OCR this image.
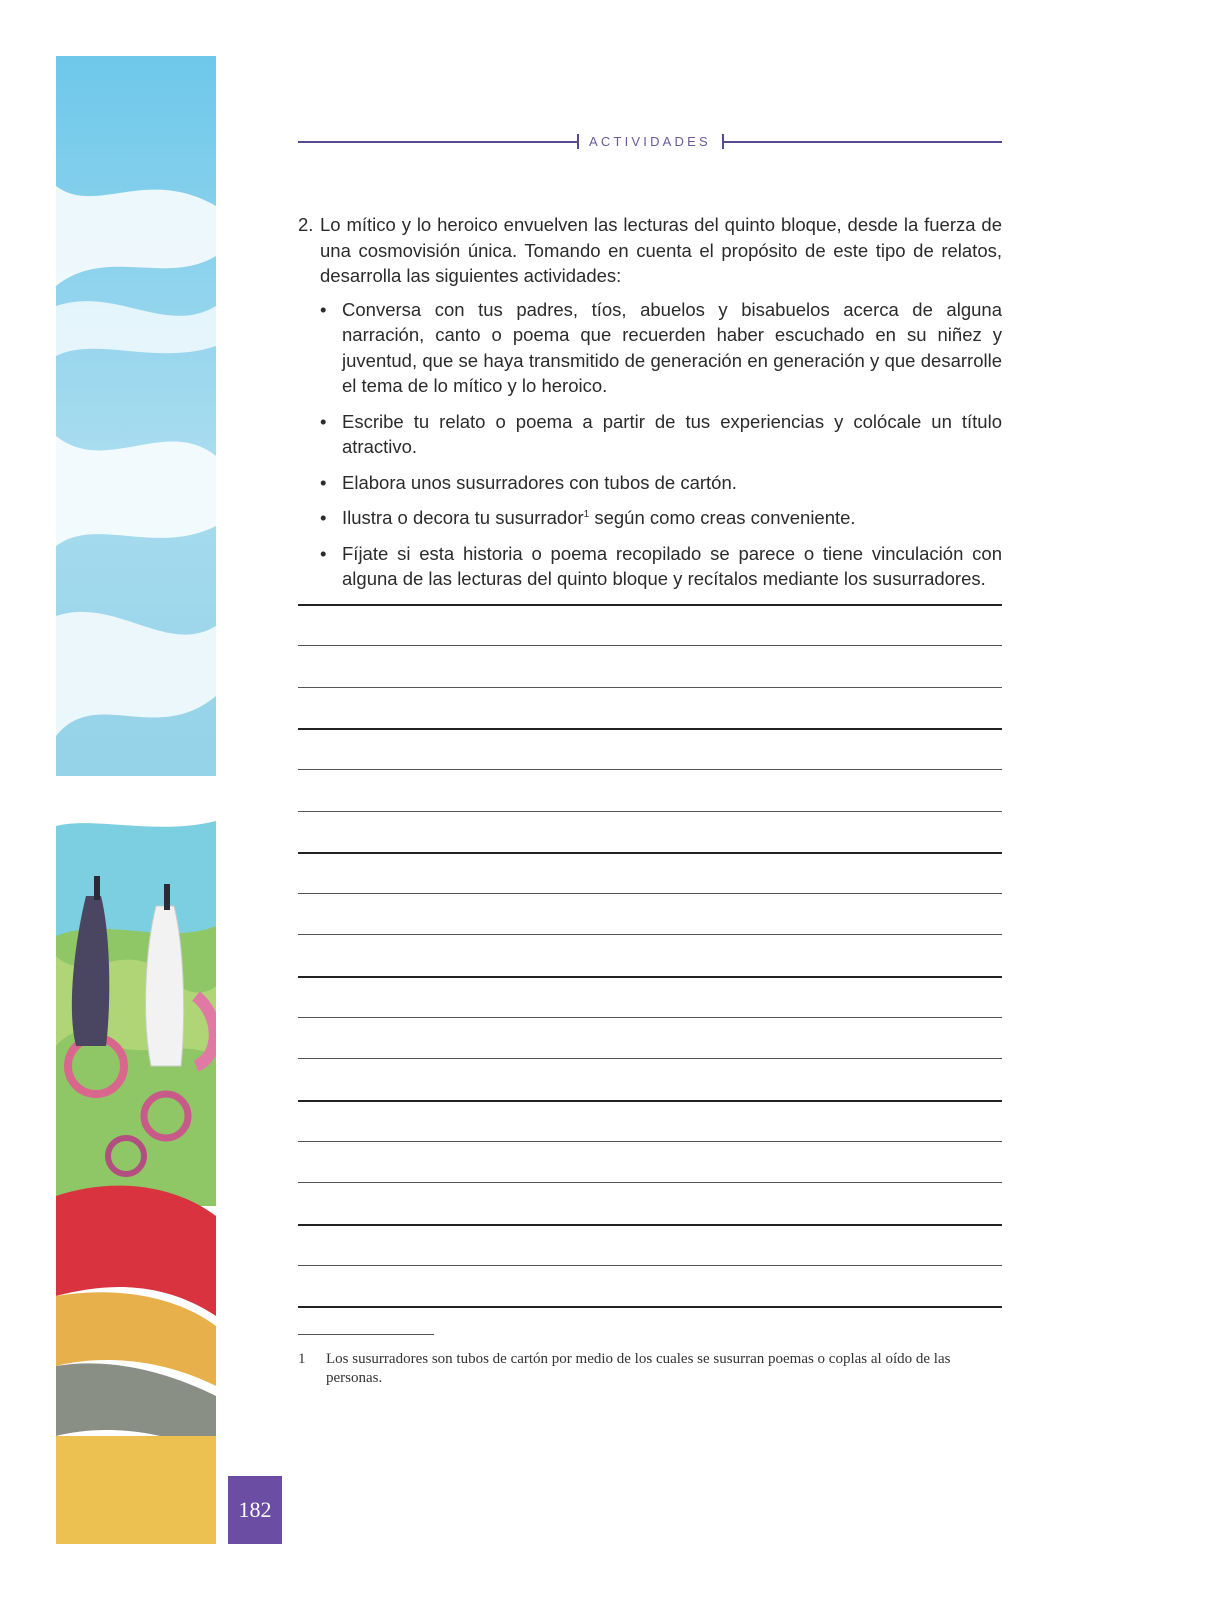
ACTIVIDADES
2. Lo mítico y lo heroico envuelven las lecturas del quinto bloque, desde la fuerza de una cosmovisión única. Tomando en cuenta el propósito de este tipo de relatos, desarrolla las siguientes actividades:
• Conversa con tus padres, tíos, abuelos y bisabuelos acerca de alguna narración, canto o poema que recuerden haber escuchado en su niñez y juventud, que se haya transmitido de generación en generación y que desarrolle el tema de lo mítico y lo heroico.
• Escribe tu relato o poema a partir de tus experiencias y colócale un título atractivo.
• Elabora unos susurradores con tubos de cartón.
• Ilustra o decora tu susurrador$^1$ según como creas conveniente.
• Fíjate si esta historia o poema recopilado se parece o tiene vinculación con alguna de las lecturas del quinto bloque y recítalos mediante los susurradores.
1	Los susurradores son tubos de cartón por medio de los cuales se susurran poemas o coplas al oído de las personas.
182
